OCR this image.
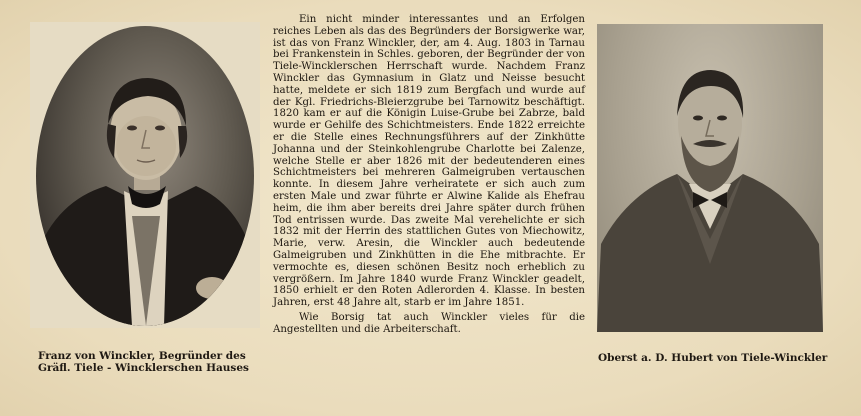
Ein nicht minder interessantes und an Erfolgen reiches Leben als das des Begründers der Borsigwerke war, ist das von Franz Winckler, der, am 4. Aug. 1803 in Tarnau bei Frankenstein in Schles. geboren, der Begründer der von Tiele-Wincklerschen Herrschaft wurde. Nachdem Franz Winckler das Gymnasium in Glatz und Neisse besucht hatte, meldete er sich 1819 zum Bergfach und wurde auf der Kgl. Friedrichs-Bleierzgrube bei Tarnowitz beschäftigt. 1820 kam er auf die Königin Luise-Grube bei Zabrze, bald wurde er Gehilfe des Schichtmeisters. Ende 1822 erreichte er die Stelle eines Rechnungsführers auf der Zinkhütte Johanna und der Steinkohlengrube Charlotte bei Zalenze, welche Stelle er aber 1826 mit der bedeutenderen eines Schichtmeisters bei mehreren Galmeigruben vertauschen konnte. In diesem Jahre verheiratete er sich auch zum ersten Male und zwar führte er Alwine Kalide als Ehefrau heim, die ihm aber bereits drei Jahre später durch frühen Tod entrissen wurde. Das zweite Mal verehelichte er sich 1832 mit der Herrin des stattlichen Gutes von Miechowitz, Marie, verw. Aresin, die Winckler auch bedeutende Galmeigruben und Zinkhütten in die Ehe mitbrachte. Er vermochte es, diesen schönen Besitz noch erheblich zu vergrößern. Im Jahre 1840 wurde Franz Winckler geadelt, 1850 erhielt er den Roten Adlerorden 4. Klasse. In besten Jahren, erst 48 Jahre alt, starb er im Jahre 1851.

Wie Borsig tat auch Winckler vieles für die Angestellten und die Arbeiterschaft.

Franz von Winckler, Begründer des Gräfl. Tiele - Wincklerschen Hauses
Oberst a. D. Hubert von Tiele-Winckler
